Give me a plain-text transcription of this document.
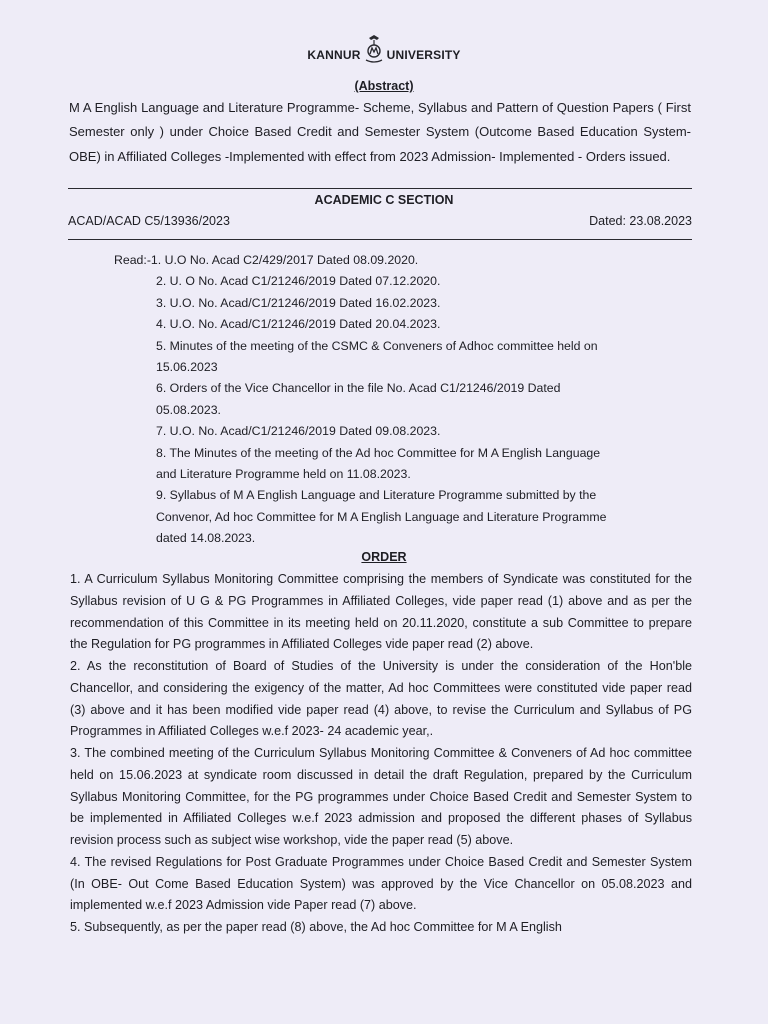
KANNUR UNIVERSITY
(Abstract)
M A English Language and Literature Programme- Scheme, Syllabus and Pattern of Question Papers ( First Semester only ) under Choice Based Credit and Semester System (Outcome Based Education System-OBE) in Affiliated Colleges -Implemented with effect from 2023 Admission- Implemented - Orders issued.
ACADEMIC C SECTION
ACAD/ACAD C5/13936/2023	Dated: 23.08.2023
Read:-1. U.O No. Acad C2/429/2017 Dated 08.09.2020.
2. U. O No. Acad C1/21246/2019 Dated 07.12.2020.
3. U.O. No. Acad/C1/21246/2019 Dated 16.02.2023.
4. U.O. No. Acad/C1/21246/2019 Dated 20.04.2023.
5. Minutes of the meeting of the CSMC & Conveners of Adhoc committee held on
15.06.2023
6. Orders of the Vice Chancellor in the file No. Acad C1/21246/2019 Dated
05.08.2023.
7. U.O. No. Acad/C1/21246/2019 Dated 09.08.2023.
8. The Minutes of the meeting of the Ad hoc Committee for M A English Language
and Literature Programme held on 11.08.2023.
9. Syllabus of M A English Language and Literature Programme submitted by the
Convenor, Ad hoc Committee for M A English Language and Literature Programme
dated 14.08.2023.
ORDER

1. A Curriculum Syllabus Monitoring Committee comprising the members of Syndicate was constituted for the Syllabus revision of U G & PG Programmes in Affiliated Colleges, vide paper read (1) above and as per the recommendation of this Committee in its meeting held on 20.11.2020, constitute a sub Committee to prepare the Regulation for PG programmes in Affiliated Colleges vide paper read (2) above.

2. As the reconstitution of Board of Studies of the University is under the consideration of the Hon'ble Chancellor, and considering the exigency of the matter, Ad hoc Committees were constituted vide paper read (3) above and it has been modified vide paper read (4) above, to revise the Curriculum and Syllabus of PG Programmes in Affiliated Colleges w.e.f 2023- 24 academic year,.

3. The combined meeting of the Curriculum Syllabus Monitoring Committee & Conveners of Ad hoc committee held on 15.06.2023 at syndicate room discussed in detail the draft Regulation, prepared by the Curriculum Syllabus Monitoring Committee, for the PG programmes under Choice Based Credit and Semester System to be implemented in Affiliated Colleges w.e.f 2023 admission and proposed the different phases of Syllabus revision process such as subject wise workshop, vide the paper read (5) above.

4. The revised Regulations for Post Graduate Programmes under Choice Based Credit and Semester System (In OBE- Out Come Based Education System) was approved by the Vice Chancellor on 05.08.2023 and implemented w.e.f 2023 Admission vide Paper read (7) above.

5. Subsequently, as per the paper read (8) above, the Ad hoc Committee for M A English
